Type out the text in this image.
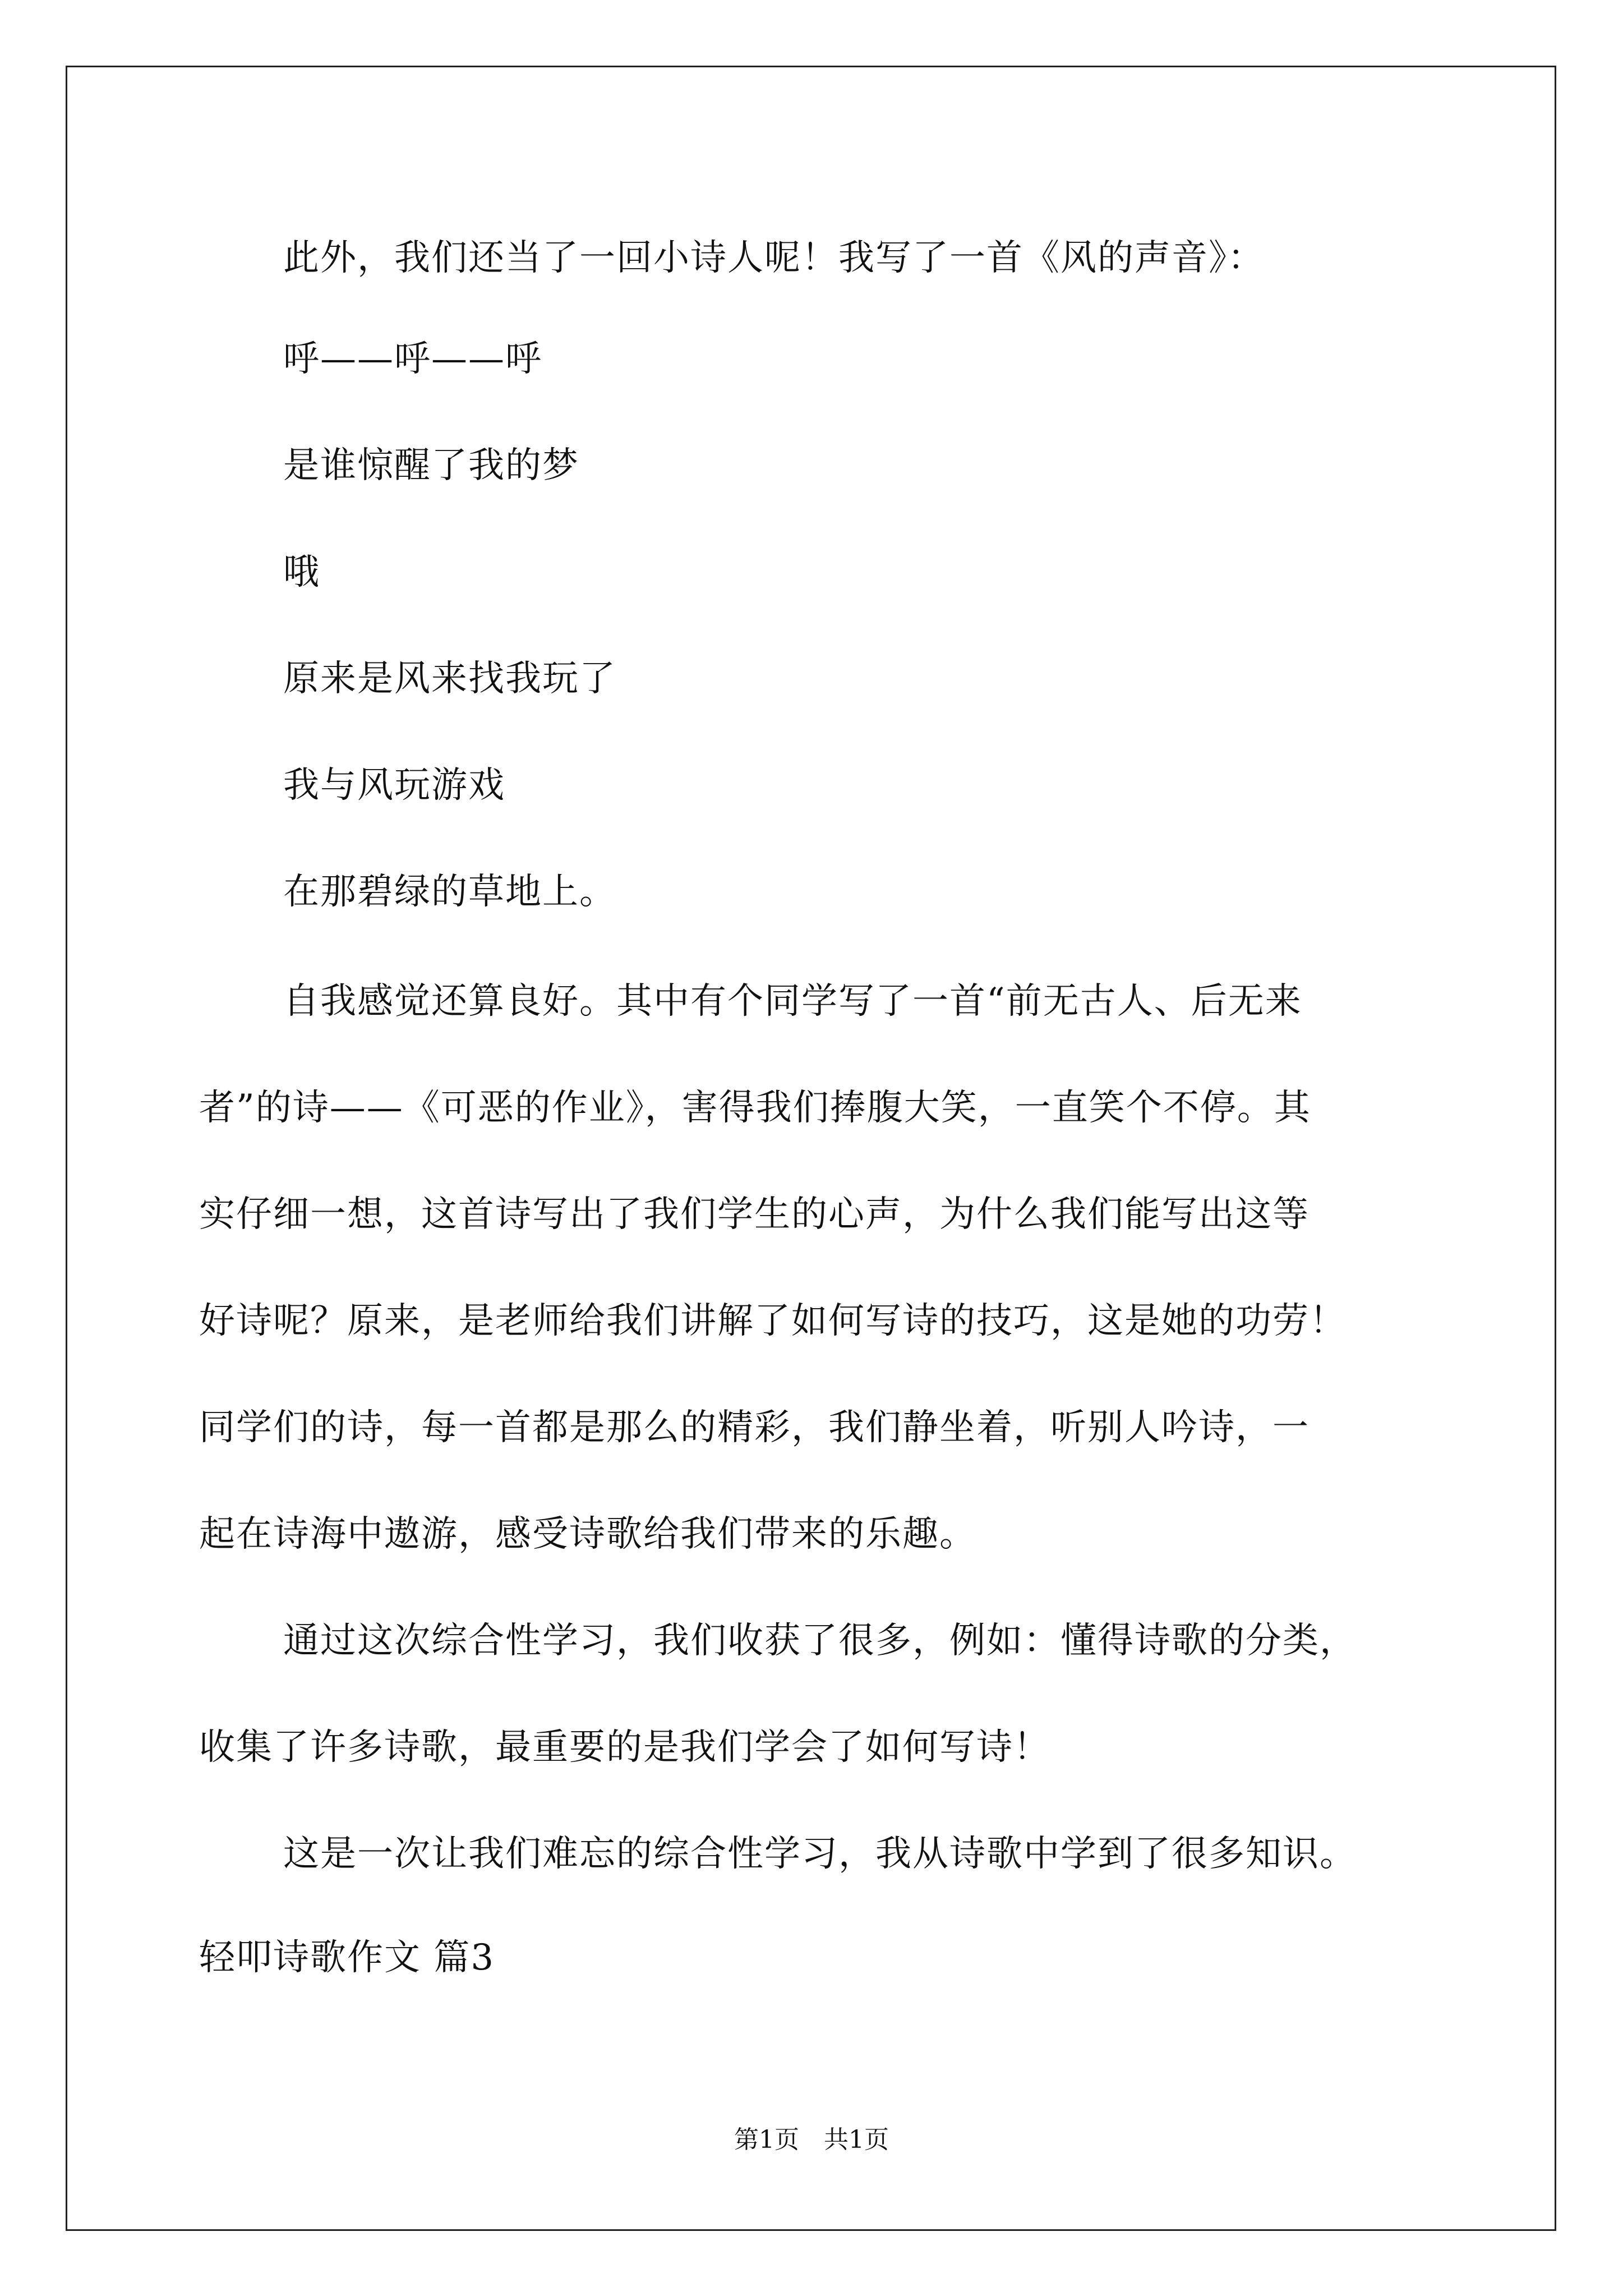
此外，我们还当了一回小诗人呢！我写了一首《风的声音》：
呼——呼——呼
是谁惊醒了我的梦
哦
原来是风来找我玩了
我与风玩游戏
在那碧绿的草地上。
自我感觉还算良好。其中有个同学写了一首“前无古人、后无来
者”的诗——《可恶的作业》，害得我们捧腹大笑，一直笑个不停。其
实仔细一想，这首诗写出了我们学生的心声，为什么我们能写出这等
好诗呢？原来，是老师给我们讲解了如何写诗的技巧，这是她的功劳！
同学们的诗，每一首都是那么的精彩，我们静坐着，听别人吟诗，一
起在诗海中遨游，感受诗歌给我们带来的乐趣。
通过这次综合性学习，我们收获了很多，例如：懂得诗歌的分类，
收集了许多诗歌，最重要的是我们学会了如何写诗！
这是一次让我们难忘的综合性学习，我从诗歌中学到了很多知识。
轻叩诗歌作文 篇3
第1页　共1页
